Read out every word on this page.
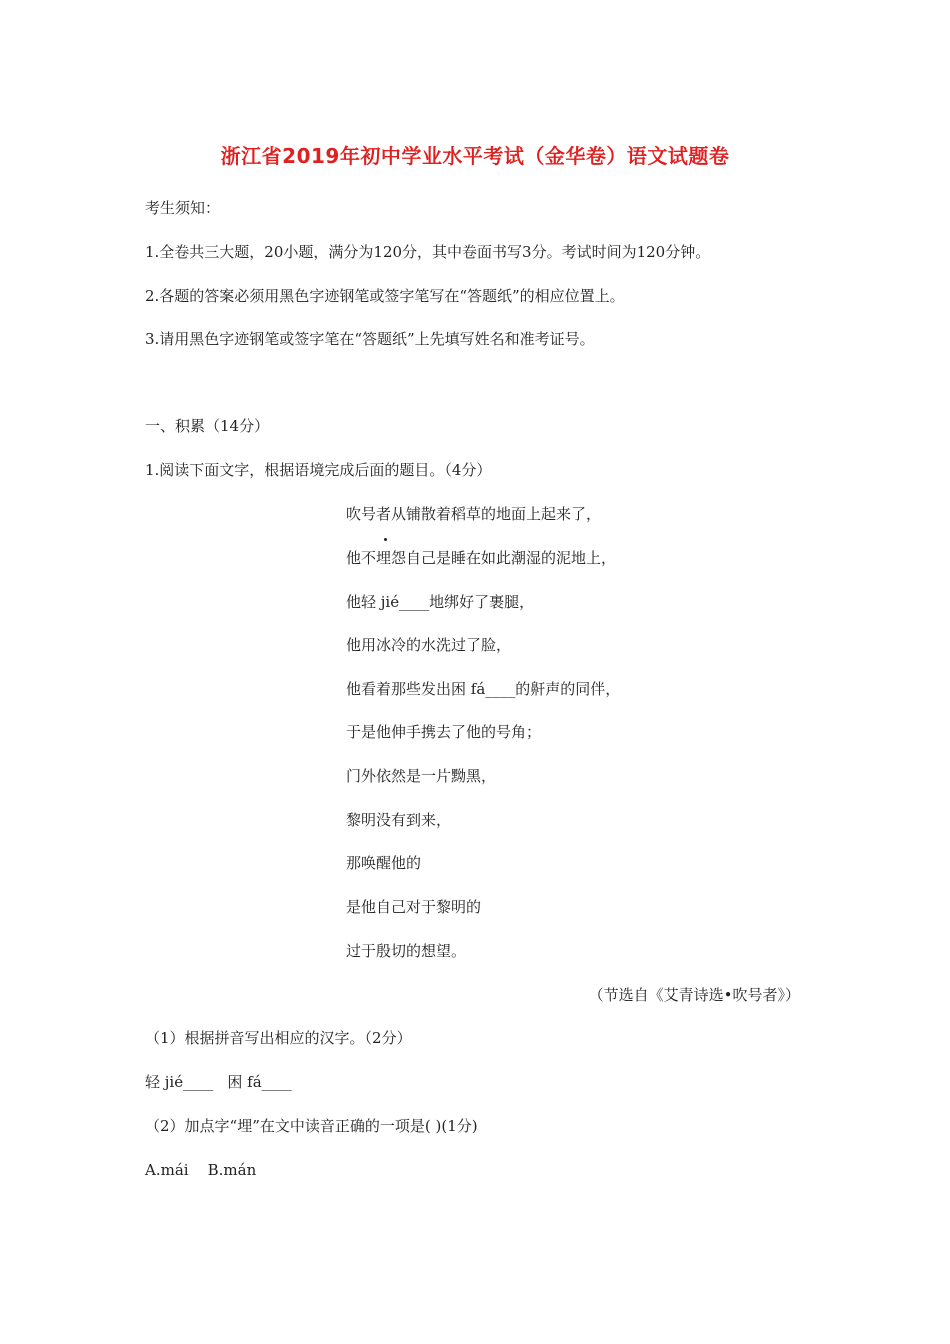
浙江省2019年初中学业水平考试（金华卷）语文试题卷
考生须知：
1.全卷共三大题，20小题，满分为120分，其中卷面书写3分。考试时间为120分钟。
2.各题的答案必须用黑色字迹钢笔或签字笔写在“答题纸”的相应位置上。
3.请用黑色字迹钢笔或签字笔在“答题纸”上先填写姓名和准考证号。
一、积累（14分）
1.阅读下面文字，根据语境完成后面的题目。（4分）
吹号者从铺散着稻草的地面上起来了，
他不埋怨自己是睡在如此潮湿的泥地上，
他轻 jié____地绑好了裹腿，
他用冰冷的水洗过了脸，
他看着那些发出困 fá____的鼾声的同伴，
于是他伸手携去了他的号角；
门外依然是一片黝黑，
黎明没有到来，
那唤醒他的
是他自己对于黎明的
过于殷切的想望。
（节选自《艾青诗选•吹号者》）
（1）根据拼音写出相应的汉字。（2分）
轻 jié____   困 fá____
（2）加点字“埋”在文中读音正确的一项是( )(1分)
A.mái    B.mán
